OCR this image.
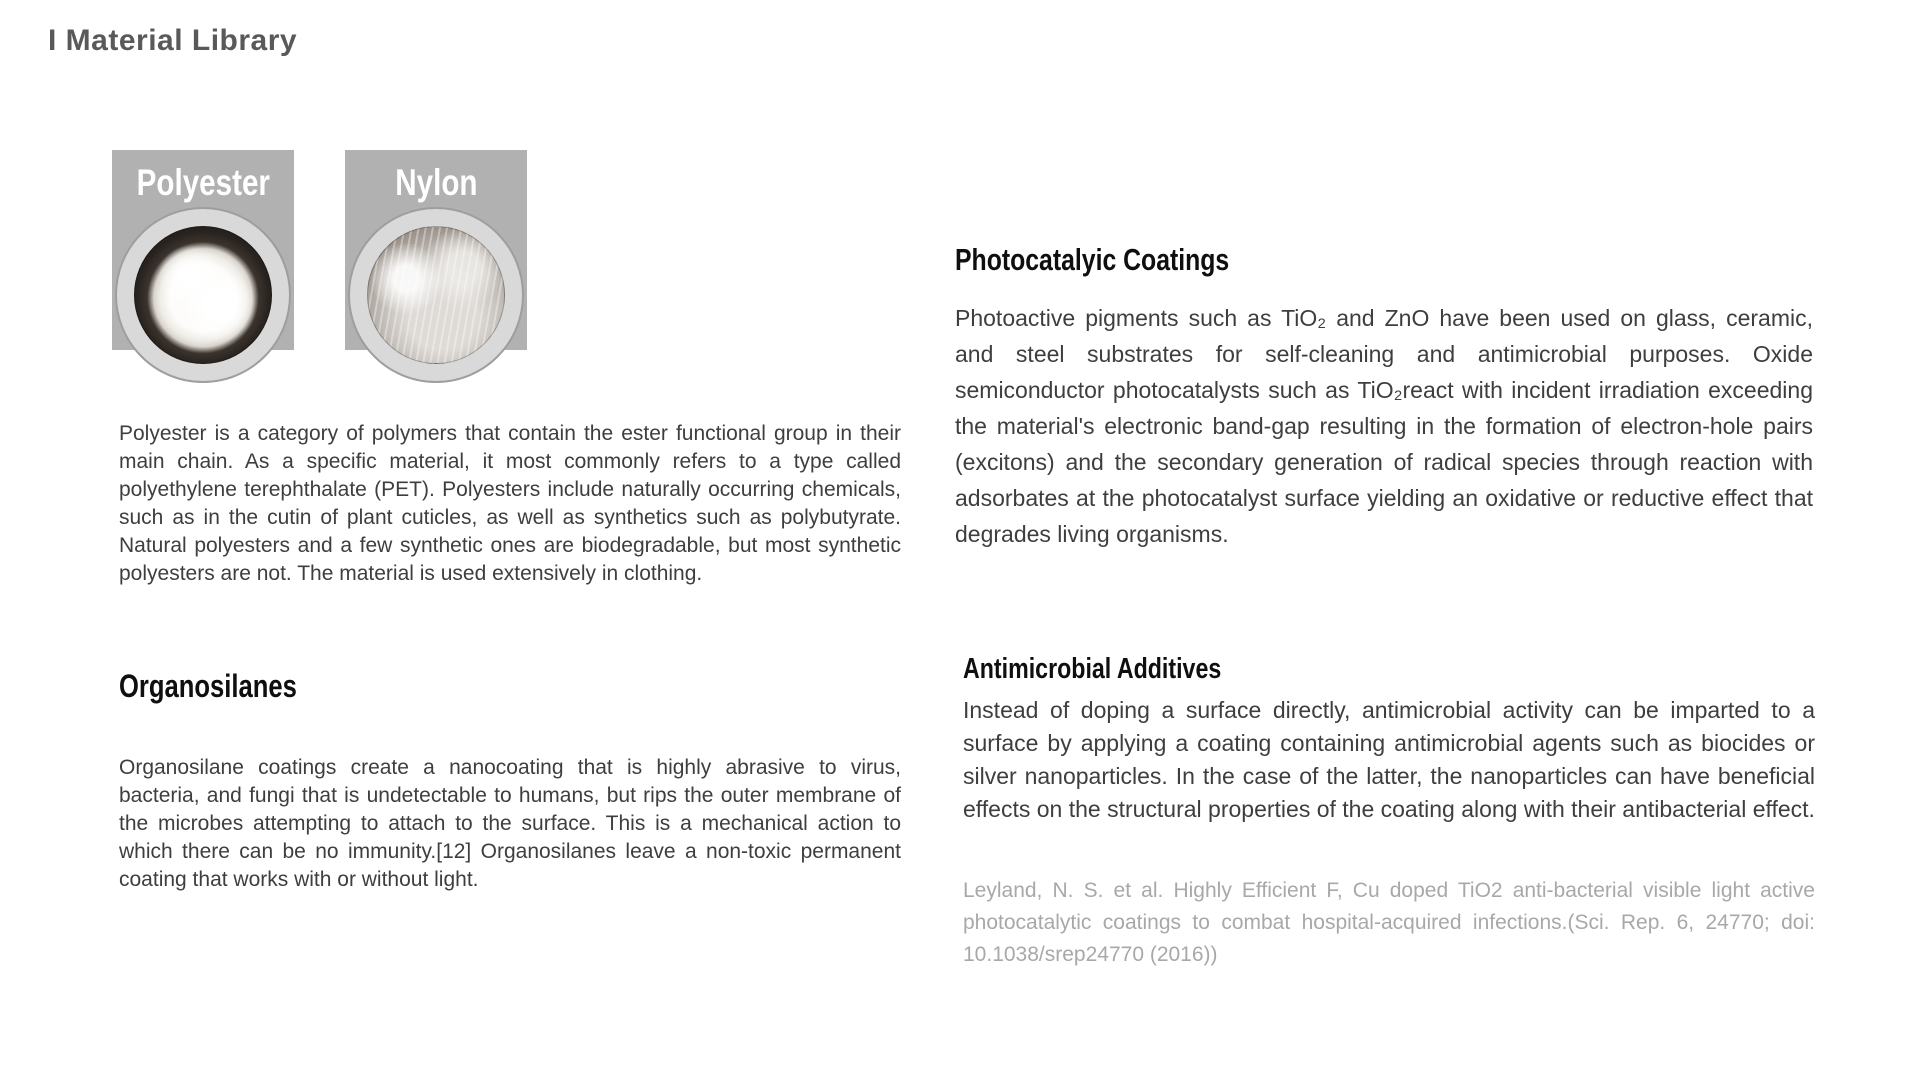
I Material Library
Polyester	Nylon
Polyester is a category of polymers that contain the ester functional group in their main chain. As a specific material, it most commonly refers to a type called polyethylene terephthalate (PET). Polyesters include naturally occurring chemicals, such as in the cutin of plant cuticles, as well as synthetics such as polybutyrate. Natural polyesters and a few synthetic ones are biodegradable, but most synthetic polyesters are not. The material is used extensively in clothing.
Organosilanes
Organosilane coatings create a nanocoating that is highly abrasive to virus, bacteria, and fungi that is undetectable to humans, but rips the outer membrane of the microbes attempting to attach to the surface. This is a mechanical action to which there can be no immunity.[12] Organosilanes leave a non-toxic permanent coating that works with or without light.
Photocatalyic Coatings
Photoactive pigments such as TiO₂ and ZnO have been used on glass, ceramic, and steel substrates for self-cleaning and antimicrobial purposes. Oxide semiconductor photocatalysts such as TiO₂react with incident irradiation exceeding the material's electronic band-gap resulting in the formation of electron-hole pairs (excitons) and the secondary generation of radical species through reaction with adsorbates at the photocatalyst surface yielding an oxidative or reductive effect that degrades living organisms.
Antimicrobial Additives
Instead of doping a surface directly, antimicrobial activity can be imparted to a surface by applying a coating containing antimicrobial agents such as biocides or silver nanoparticles. In the case of the latter, the nanoparticles can have beneficial effects on the structural properties of the coating along with their antibacterial effect.
Leyland, N. S. et al. Highly Efficient F, Cu doped TiO2 anti-bacterial visible light active photocatalytic coatings to combat hospital-acquired infections.(Sci. Rep. 6, 24770; doi: 10.1038/srep24770 (2016))
